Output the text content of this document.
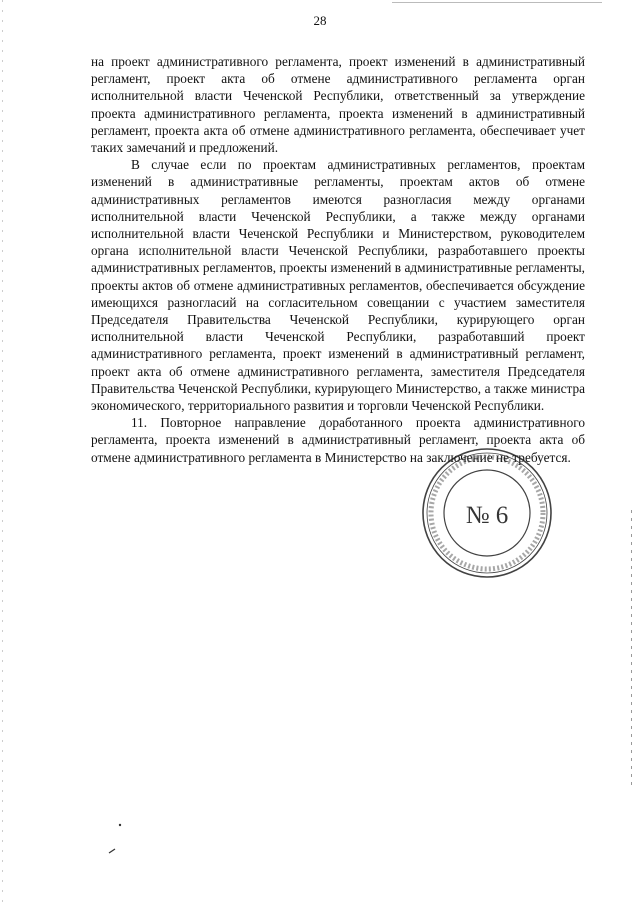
28

на проект административного регламента, проект изменений в административный регламент, проект акта об отмене административного регламента орган исполнительной власти Чеченской Республики, ответственный за утверждение проекта административного регламента, проекта изменений в административный регламент, проекта акта об отмене административного регламента, обеспечивает учет таких замечаний и предложений.

В случае если по проектам административных регламентов, проектам изменений в административные регламенты, проектам актов об отмене административных регламентов имеются разногласия между органами исполнительной власти Чеченской Республики, а также между органами исполнительной власти Чеченской Республики и Министерством, руководителем органа исполнительной власти Чеченской Республики, разработавшего проекты административных регламентов, проекты изменений в административные регламенты, проекты актов об отмене административных регламентов, обеспечивается обсуждение имеющихся разногласий на согласительном совещании с участием заместителя Председателя Правительства Чеченской Республики, курирующего орган исполнительной власти Чеченской Республики, разработавший проект административного регламента, проект изменений в административный регламент, проект акта об отмене административного регламента, заместителя Председателя Правительства Чеченской Республики, курирующего Министерство, а также министра экономического, территориального развития и торговли Чеченской Республики.

11. Повторное направление доработанного проекта административного регламента, проекта изменений в административный регламент, проекта акта об отмене административного регламента в Министерство на заключение не требуется.

№ 6
